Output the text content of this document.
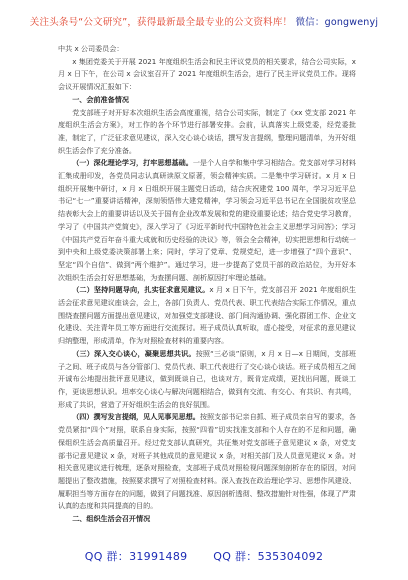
关注头条号“公文研究”，获得最新最全最专业的公文资料库！ 微信：gongwenyj

中共 x 公司委员会：

x 集团党委关于开展 2021 年度组织生活会和民主评议党员的相关要求，结合公司实际，x 月 x 日下午，在公司 x 会议室召开了 2021 年度组织生活会，进行了民主评议党员工作。现将会议开展情况汇报如下：

一、会前准备情况

党支部班子对开好本次组织生活会高度重视，结合公司实际，制定了《xx 党支部 2021 年度组织生活会方案》，对工作的各个环节进行部署安排。会前，认真落实上级党委，经党委批准，制定了，广泛征求意见建议，深入交心谈心谈话，撰写发言提纲，整理问题清单，为开好组织生活会作了充分准备。

（一）深化理论学习，打牢思想基础。一是个人自学和集中学习相结合。党支部对学习材料汇集成册印发，各党员同志认真研读原文原著，领会精神实质。二是集中学习研讨。x 月 x 日组织开展集中研讨，x 月 x 日组织开展主题党日活动，结合庆祝建党 100 周年，学习习近平总书记“七一”重要讲话精神，深刻领悟伟大建党精神，学习领会习近平总书记在全国脱贫攻坚总结表彰大会上的重要讲话以及关于国有企业改革发展和党的建设重要论述；结合党史学习教育，学习了《中国共产党简史》，深入学习了《习近平新时代中国特色社会主义思想学习问答》；学习《中国共产党百年奋斗重大成就和历史经验的决议》等，领会全会精神，切实把思想和行动统一到中央和上级党委决策部署上来；同时，学习了党章、党规党纪，进一步增强了“四个意识”、坚定“四个自信”、做到“两个维护”。通过学习，进一步提高了党员干部的政治站位，为开好本次组织生活会打好思想基础，为查摆问题、剖析原因打牢理论基础。

（二）坚持问题导向，扎实征求意见建议。x 月 x 日下午，党支部召开 2021 年度组织生活会征求意见建议座谈会，会上，各部门负责人、党员代表、职工代表结合实际工作情况，重点围绕查摆问题方面提出意见建议，对加强党支部建设、部门间沟通协调、强化群团工作、企业文化建设、关注青年员工等方面进行交流探讨。班子成员认真听取，虚心接受，对征求的意见建议归纳整理，形成清单，作为对照检查材料的重要内容。

（三）深入交心谈心，凝聚思想共识。按照“三必谈”原则，x 月 x 日—x 日期间，支部班子之间、班子成员与各分管部门、党员代表、职工代表进行了交心谈心谈话。班子成员相互之间开诚布公地提出批评意见建议，做到既谈自己，也谈对方，既肯定成绩，更找出问题，既谈工作，更谈思想认识。坦率交心谈心与解决问题相结合，做到有交流、有交心、有共识、有共鸣，形成了共识，营造了开好组织生活会的良好氛围。

（四）撰写发言提纲，见人见事见思想。按照支部书记亲自抓、班子成员亲自写的要求，各党员紧扣“四个”对照，联系自身实际，按照“四看”切实找准支部和个人存在的不足和问题，确保组织生活会高质量召开。经过党支部认真研究，共征集对党支部班子意见建议 x 条，对党支部书记意见建议 x 条，对班子其他成员的意见建议 x 条，对相关部门及人员意见建议 x 条。对相关意见建议进行梳理，逐条对照检查，支部班子成员对照检视问题深刻剖析存在的原因，对问题提出了整改措施，按照要求撰写了对照检查材料。深入查找在政治理论学习、思想作风建设、履职担当等方面存在的问题，做到了问题找准、原因剖析透彻、整改措施针对性强，体现了严肃认真的态度和共同提高的目的。

二、组织生活会召开情况

QQ 群：31991489 QQ 群：535304092
